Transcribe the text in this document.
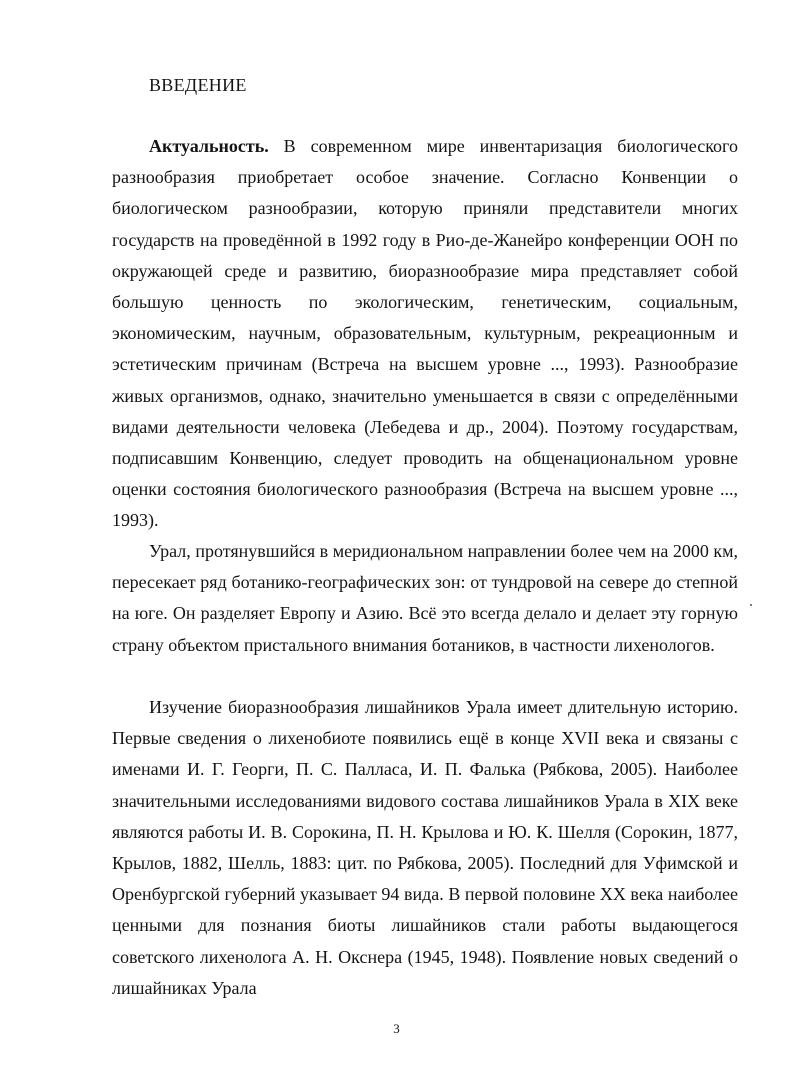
ВВЕДЕНИЕ

Актуальность. В современном мире инвентаризация биологического разнообразия приобретает особое значение. Согласно Конвенции о биологическом разнообразии, которую приняли представители многих государств на проведённой в 1992 году в Рио-де-Жанейро конференции ООН по окружающей среде и развитию, биоразнообразие мира представляет собой большую ценность по экологическим, генетическим, социальным, экономическим, научным, образовательным, культурным, рекреационным и эстетическим причинам (Встреча на высшем уровне ..., 1993). Разнообразие живых организмов, однако, значительно уменьшается в связи с определёнными видами деятельности человека (Лебедева и др., 2004). Поэтому государствам, подписавшим Конвенцию, следует проводить на общенациональном уровне оценки состояния биологического разнообразия (Встреча на высшем уровне ..., 1993).

Урал, протянувшийся в меридиональном направлении более чем на 2000 км, пересекает ряд ботанико-географических зон: от тундровой на севере до степной на юге. Он разделяет Европу и Азию. Всё это всегда делало и делает эту горную страну объектом пристального внимания ботаников, в частности лихенологов.

Изучение биоразнообразия лишайников Урала имеет длительную историю. Первые сведения о лихенобиоте появились ещё в конце XVII века и связаны с именами И. Г. Георги, П. С. Палласа, И. П. Фалька (Рябкова, 2005). Наиболее значительными исследованиями видового состава лишайников Урала в XIX веке являются работы И. В. Сорокина, П. Н. Крылова и Ю. К. Шелля (Сорокин, 1877, Крылов, 1882, Шелль, 1883: цит. по Рябкова, 2005). Последний для Уфимской и Оренбургской губерний указывает 94 вида. В первой половине XX века наиболее ценными для познания биоты лишайников стали работы выдающегося советского лихенолога А. Н. Окснера (1945, 1948). Появление новых сведений о лишайниках Урала

3
